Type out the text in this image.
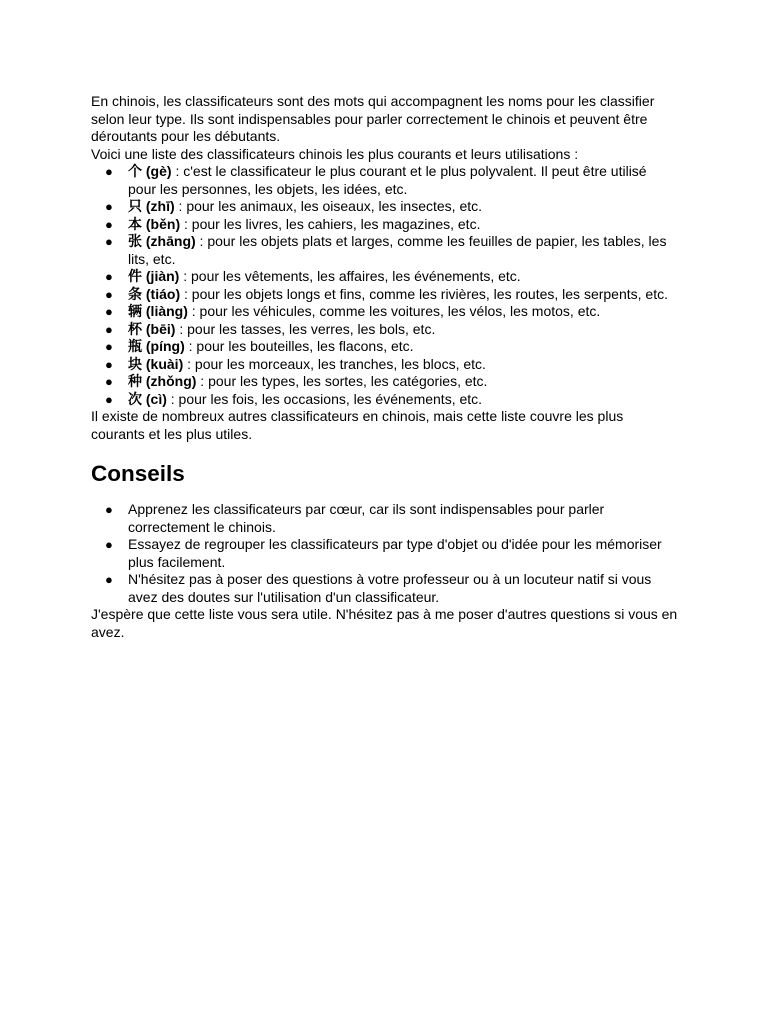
En chinois, les classificateurs sont des mots qui accompagnent les noms pour les classifier selon leur type. Ils sont indispensables pour parler correctement le chinois et peuvent être déroutants pour les débutants.

Voici une liste des classificateurs chinois les plus courants et leurs utilisations :

● 个 (gè) : c'est le classificateur le plus courant et le plus polyvalent. Il peut être utilisé pour les personnes, les objets, les idées, etc.
● 只 (zhī) : pour les animaux, les oiseaux, les insectes, etc.
● 本 (běn) : pour les livres, les cahiers, les magazines, etc.
● 张 (zhāng) : pour les objets plats et larges, comme les feuilles de papier, les tables, les lits, etc.
● 件 (jiàn) : pour les vêtements, les affaires, les événements, etc.
● 条 (tiáo) : pour les objets longs et fins, comme les rivières, les routes, les serpents, etc.
● 辆 (liàng) : pour les véhicules, comme les voitures, les vélos, les motos, etc.
● 杯 (bēi) : pour les tasses, les verres, les bols, etc.
● 瓶 (píng) : pour les bouteilles, les flacons, etc.
● 块 (kuài) : pour les morceaux, les tranches, les blocs, etc.
● 种 (zhǒng) : pour les types, les sortes, les catégories, etc.
● 次 (cì) : pour les fois, les occasions, les événements, etc.

Il existe de nombreux autres classificateurs en chinois, mais cette liste couvre les plus courants et les plus utiles.

Conseils
● Apprenez les classificateurs par cœur, car ils sont indispensables pour parler correctement le chinois.
● Essayez de regrouper les classificateurs par type d'objet ou d'idée pour les mémoriser plus facilement.
● N'hésitez pas à poser des questions à votre professeur ou à un locuteur natif si vous avez des doutes sur l'utilisation d'un classificateur.

J'espère que cette liste vous sera utile. N'hésitez pas à me poser d'autres questions si vous en avez.
